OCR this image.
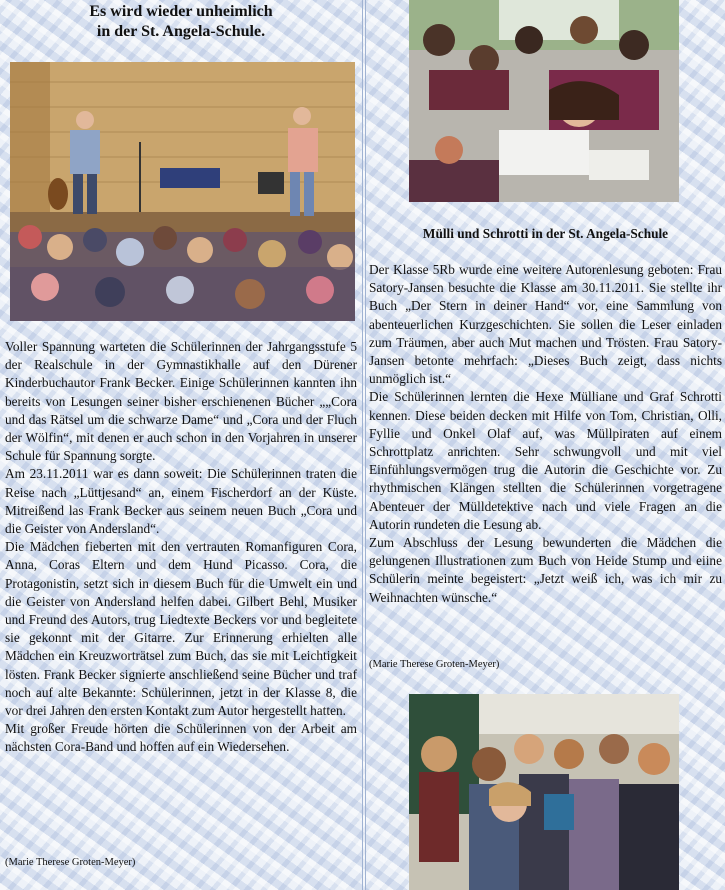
Es wird wieder unheimlich
in der St. Angela-Schule.

Voller Spannung warteten die Schülerinnen der Jahrgangsstufe 5 der Realschule in der Gymnastikhalle auf den Dürener Kinderbuchautor Frank Becker. Einige Schülerinnen kannten ihn bereits von Lesungen seiner bisher erschienenen Bücher „„Cora und das Rätsel um die schwarze Dame“ und „Cora und der Fluch der Wölfin“, mit denen er auch schon in den Vorjahren in unserer Schule für Spannung sorgte.

Am 23.11.2011 war es dann soweit: Die Schülerinnen traten die Reise nach „Lüttjesand“ an, einem Fischerdorf an der Küste. Mitreißend las Frank Becker aus seinem neuen Buch „Cora und die Geister von Andersland“.

Die Mädchen fieberten mit den vertrauten Romanfiguren Cora, Anna, Coras Eltern und dem Hund Picasso. Cora, die Protagonistin, setzt sich in diesem Buch für die Umwelt ein und die Geister von Andersland helfen dabei. Gilbert Behl, Musiker und Freund des Autors, trug Liedtexte Beckers vor und begleitete sie gekonnt mit der Gitarre. Zur Erinnerung erhielten alle Mädchen ein Kreuzworträtsel zum Buch, das sie mit Leichtigkeit lösten. Frank Becker signierte anschließend seine Bücher und traf noch auf alte Bekannte: Schülerinnen, jetzt in der Klasse 8, die vor drei Jahren den ersten Kontakt zum Autor hergestellt hatten.

Mit großer Freude hörten die Schülerinnen von der Arbeit am nächsten Cora-Band und hoffen auf ein Wiedersehen.

(Marie Therese Groten-Meyer)
Mülli und Schrotti in der St. Angela-Schule

Der Klasse 5Rb wurde eine weitere Autorenlesung geboten: Frau Satory-Jansen besuchte die Klasse am 30.11.2011. Sie stellte ihr Buch „Der Stern in deiner Hand“ vor, eine Sammlung von abenteuerlichen Kurzgeschichten. Sie sollen die Leser einladen zum Träumen, aber auch Mut machen und Trösten. Frau Satory-Jansen betonte mehrfach: „Dieses Buch zeigt, dass nichts unmöglich ist.“

Die Schülerinnen lernten die Hexe Mülliane und Graf Schrotti kennen. Diese beiden decken mit Hilfe von Tom, Christian, Olli, Fyllie und Onkel Olaf auf, was Müllpiraten auf einem Schrottplatz anrichten. Sehr schwungvoll und mit viel Einfühlungsvermögen trug die Autorin die Geschichte vor. Zu rhythmischen Klängen stellten die Schülerinnen vorgetragene Abenteuer der Mülldetektive nach und viele Fragen an die Autorin rundeten die Lesung ab.

Zum Abschluss der Lesung bewunderten die Mädchen die gelungenen Illustrationen zum Buch von Heide Stump und eiine Schülerin meinte begeistert: „Jetzt weiß ich, was ich mir zu Weihnachten wünsche.“

(Marie Therese Groten-Meyer)
